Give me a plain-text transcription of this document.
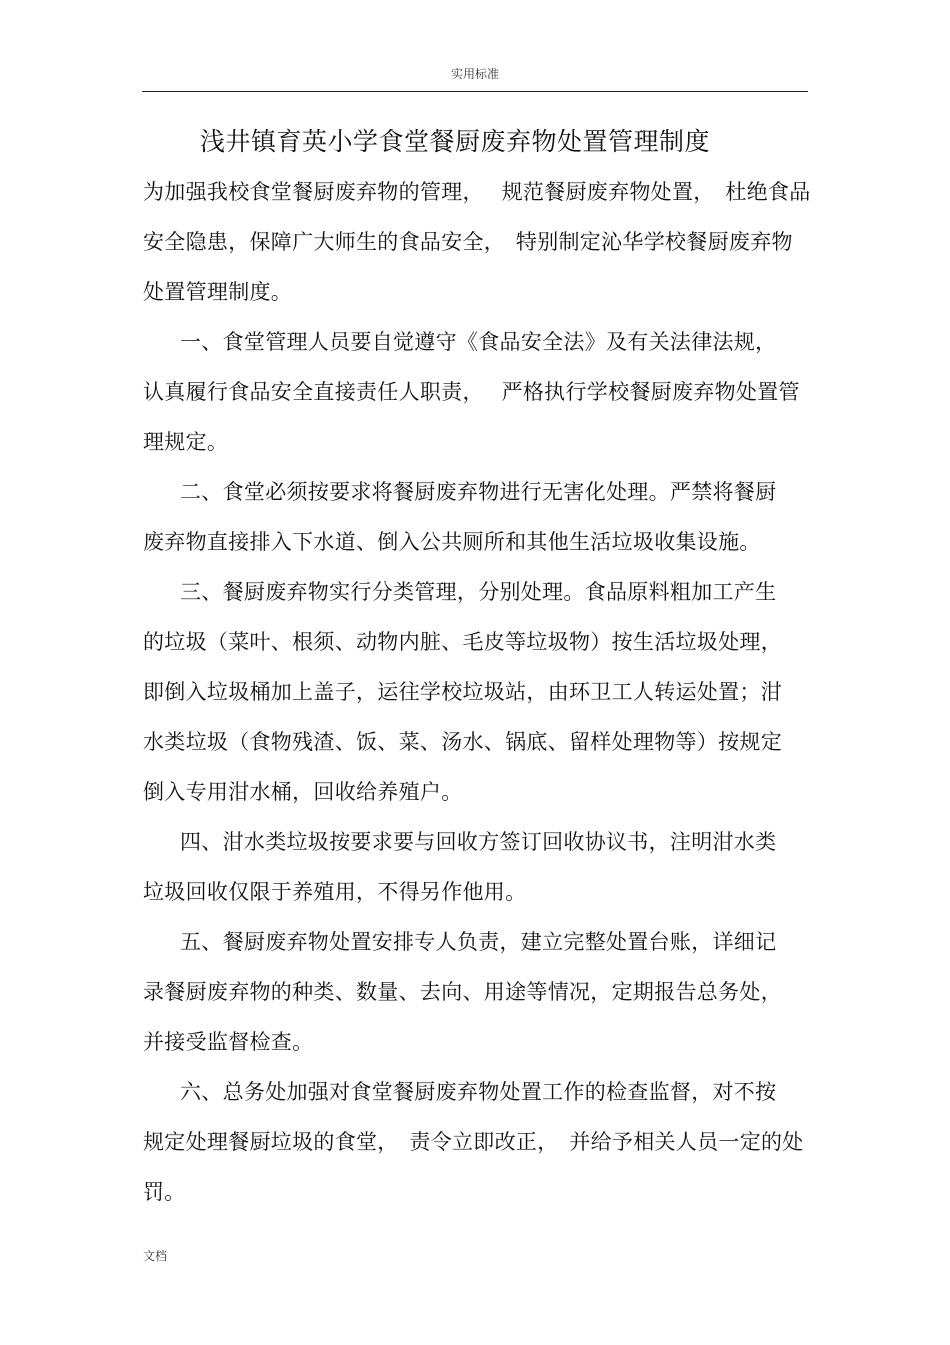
实用标准
浅井镇育英小学食堂餐厨废弃物处置管理制度
为加强我校食堂餐厨废弃物的管理，　 规范餐厨废弃物处置，　杜绝食品
安全隐患，保障广大师生的食品安全，　特别制定沁华学校餐厨废弃物
处置管理制度。
一、食堂管理人员要自觉遵守《食品安全法》及有关法律法规，
认真履行食品安全直接责任人职责，　 严格执行学校餐厨废弃物处置管
理规定。
二、食堂必须按要求将餐厨废弃物进行无害化处理。严禁将餐厨
废弃物直接排入下水道、倒入公共厕所和其他生活垃圾收集设施。
三、餐厨废弃物实行分类管理，分别处理。食品原料粗加工产生
的垃圾（菜叶、根须、动物内脏、毛皮等垃圾物）按生活垃圾处理，
即倒入垃圾桶加上盖子，运往学校垃圾站，由环卫工人转运处置；泔
水类垃圾（食物残渣、饭、菜、汤水、锅底、留样处理物等）按规定
倒入专用泔水桶，回收给养殖户。
四、泔水类垃圾按要求要与回收方签订回收协议书，注明泔水类
垃圾回收仅限于养殖用，不得另作他用。
五、餐厨废弃物处置安排专人负责，建立完整处置台账，详细记
录餐厨废弃物的种类、数量、去向、用途等情况，定期报告总务处，
并接受监督检查。
六、总务处加强对食堂餐厨废弃物处置工作的检查监督，对不按
规定处理餐厨垃圾的食堂，　责令立即改正，　并给予相关人员一定的处
罚。
文档
